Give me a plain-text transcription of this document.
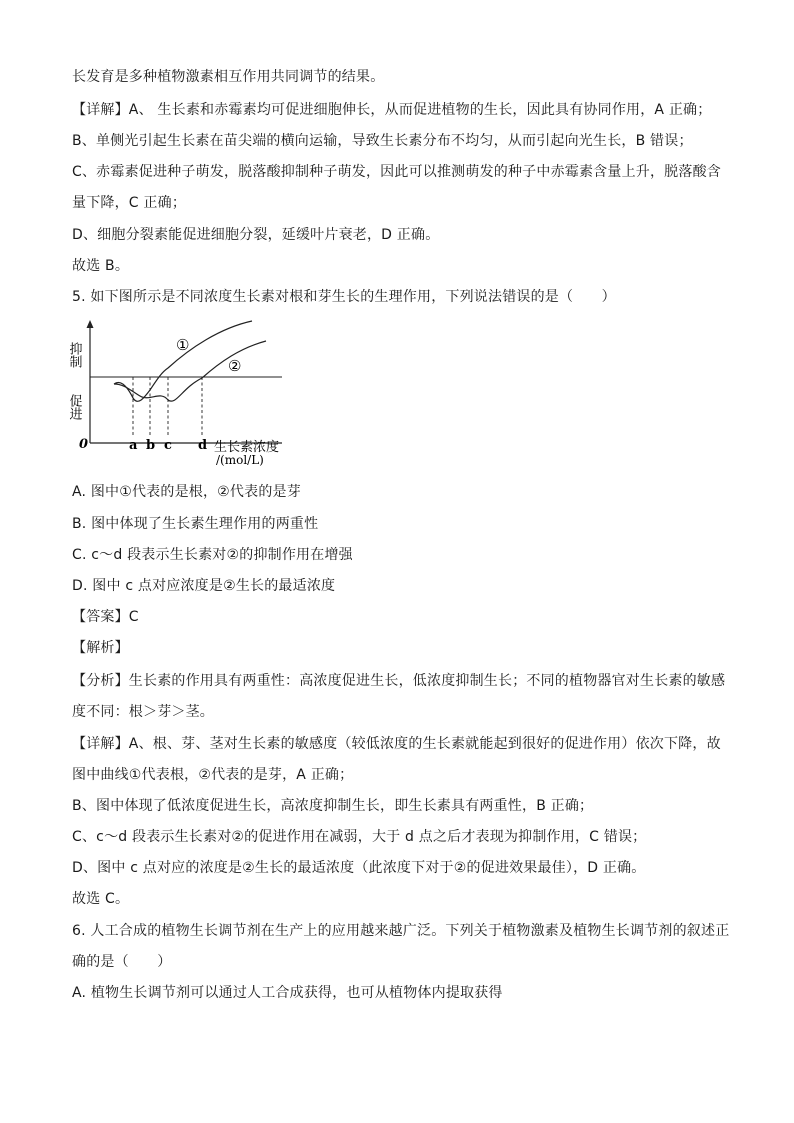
长发育是多种植物激素相互作用共同调节的结果。
【详解】A、 生长素和赤霉素均可促进细胞伸长，从而促进植物的生长，因此具有协同作用，A 正确；
B、单侧光引起生长素在苗尖端的横向运输，导致生长素分布不均匀，从而引起向光生长，B 错误；
C、赤霉素促进种子萌发，脱落酸抑制种子萌发，因此可以推测萌发的种子中赤霉素含量上升，脱落酸含
量下降，C 正确；
D、细胞分裂素能促进细胞分裂，延缓叶片衰老，D 正确。
故选 B。
5. 如下图所示是不同浓度生长素对根和芽生长的生理作用，下列说法错误的是（　　）
①
②
抑制
促进
0	a b c d 生长素浓度
/(mol/L)
A. 图中①代表的是根，②代表的是芽
B. 图中体现了生长素生理作用的两重性
C. c～d 段表示生长素对②的抑制作用在增强
D. 图中 c 点对应浓度是②生长的最适浓度
【答案】C
【解析】
【分析】生长素的作用具有两重性：高浓度促进生长，低浓度抑制生长；不同的植物器官对生长素的敏感
度不同：根＞芽＞茎。
【详解】A、根、芽、茎对生长素的敏感度（较低浓度的生长素就能起到很好的促进作用）依次下降，故
图中曲线①代表根，②代表的是芽，A 正确；
B、图中体现了低浓度促进生长，高浓度抑制生长，即生长素具有两重性，B 正确；
C、c～d 段表示生长素对②的促进作用在减弱，大于 d 点之后才表现为抑制作用，C 错误；
D、图中 c 点对应的浓度是②生长的最适浓度（此浓度下对于②的促进效果最佳），D 正确。
故选 C。
6. 人工合成的植物生长调节剂在生产上的应用越来越广泛。下列关于植物激素及植物生长调节剂的叙述正
确的是（　　）
A. 植物生长调节剂可以通过人工合成获得，也可从植物体内提取获得
